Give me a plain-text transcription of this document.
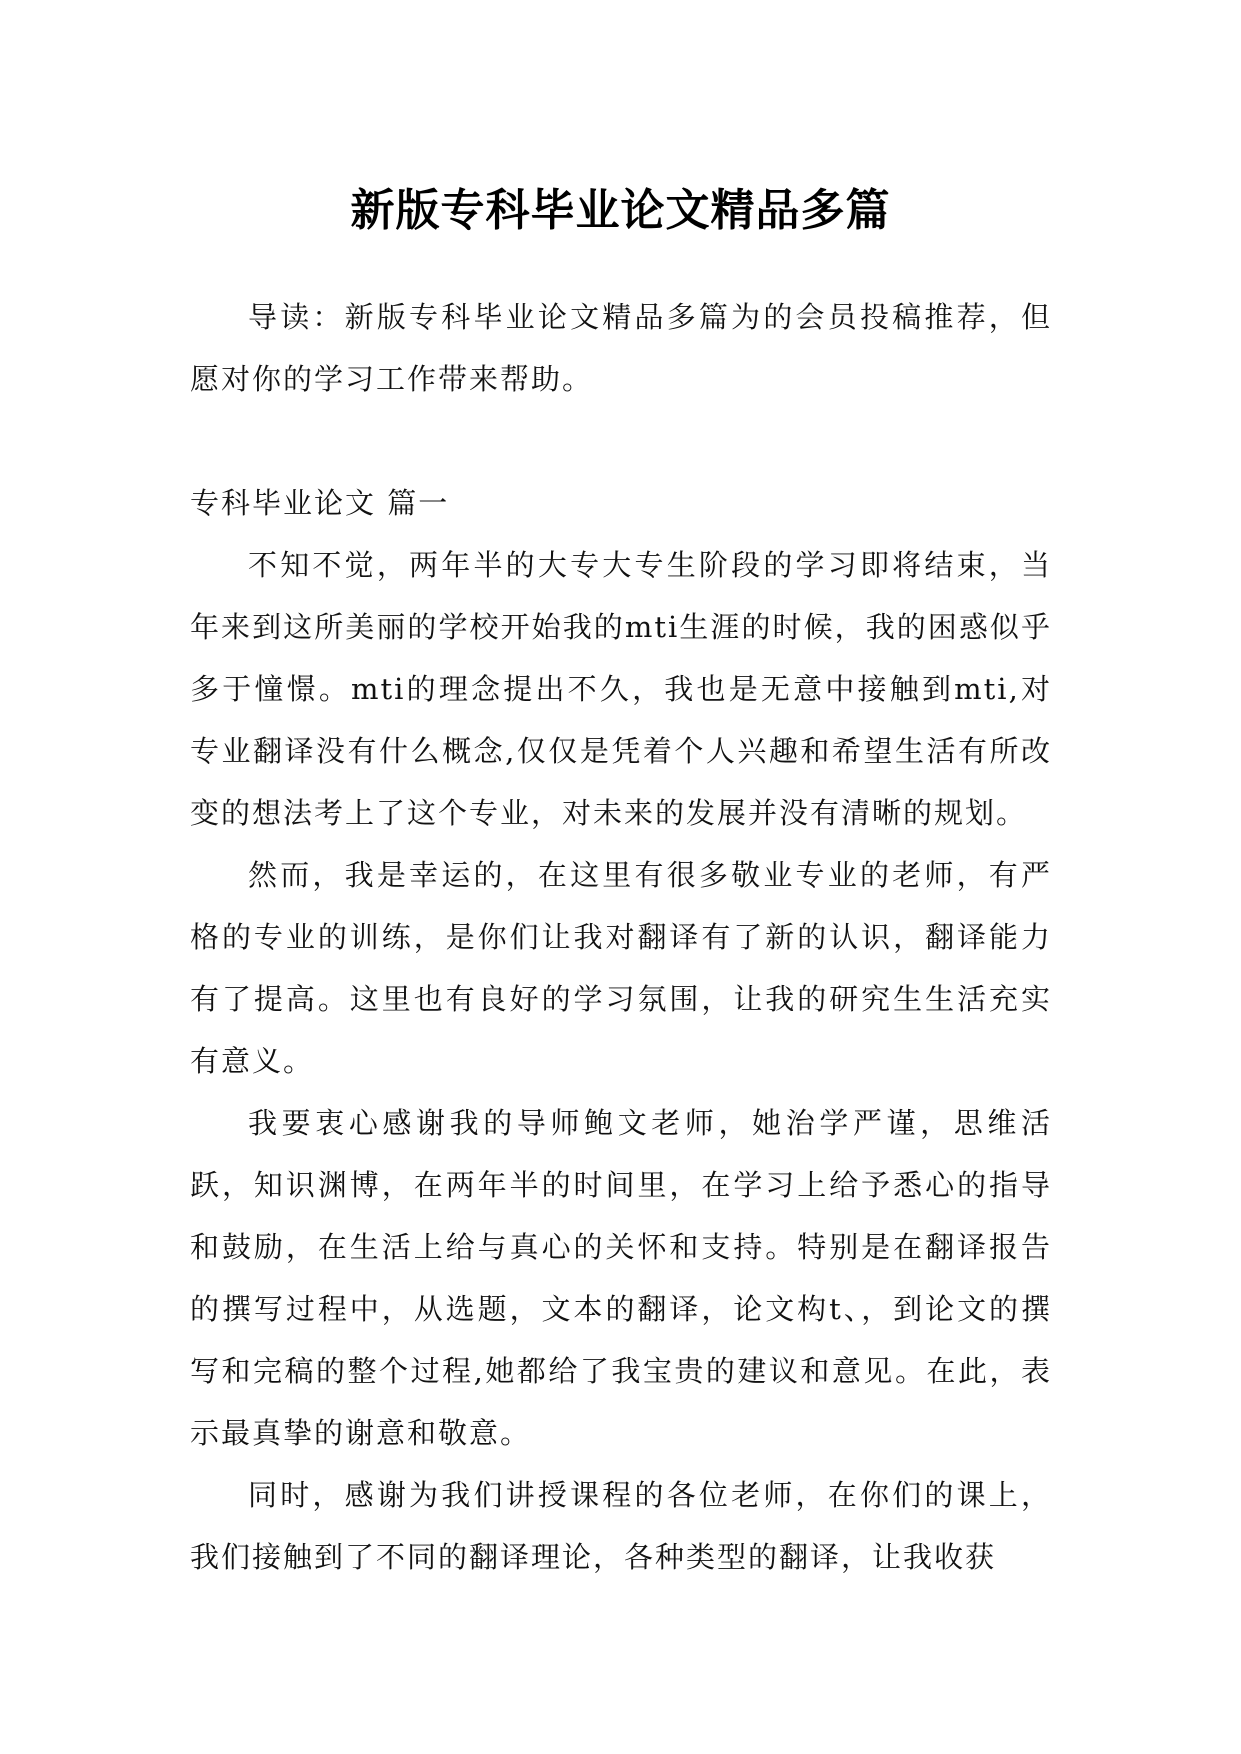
新版专科毕业论文精品多篇

导读：新版专科毕业论文精品多篇为的会员投稿推荐，但愿对你的学习工作带来帮助。

专科毕业论文 篇一

不知不觉，两年半的大专大专生阶段的学习即将结束，当年来到这所美丽的学校开始我的mti生涯的时候，我的困惑似乎多于憧憬。mti的理念提出不久，我也是无意中接触到mti,对专业翻译没有什么概念,仅仅是凭着个人兴趣和希望生活有所改变的想法考上了这个专业，对未来的发展并没有清晰的规划。

然而，我是幸运的，在这里有很多敬业专业的老师，有严格的专业的训练，是你们让我对翻译有了新的认识，翻译能力有了提高。这里也有良好的学习氛围，让我的研究生生活充实有意义。

我要衷心感谢我的导师鲍文老师，她治学严谨，思维活跃，知识渊博，在两年半的时间里，在学习上给予悉心的指导和鼓励，在生活上给与真心的关怀和支持。特别是在翻译报告的撰写过程中，从选题，文本的翻译，论文构t、，到论文的撰写和完稿的整个过程,她都给了我宝贵的建议和意见。在此，表示最真挚的谢意和敬意。

同时，感谢为我们讲授课程的各位老师，在你们的课上，我们接触到了不同的翻译理论，各种类型的翻译，让我收获
